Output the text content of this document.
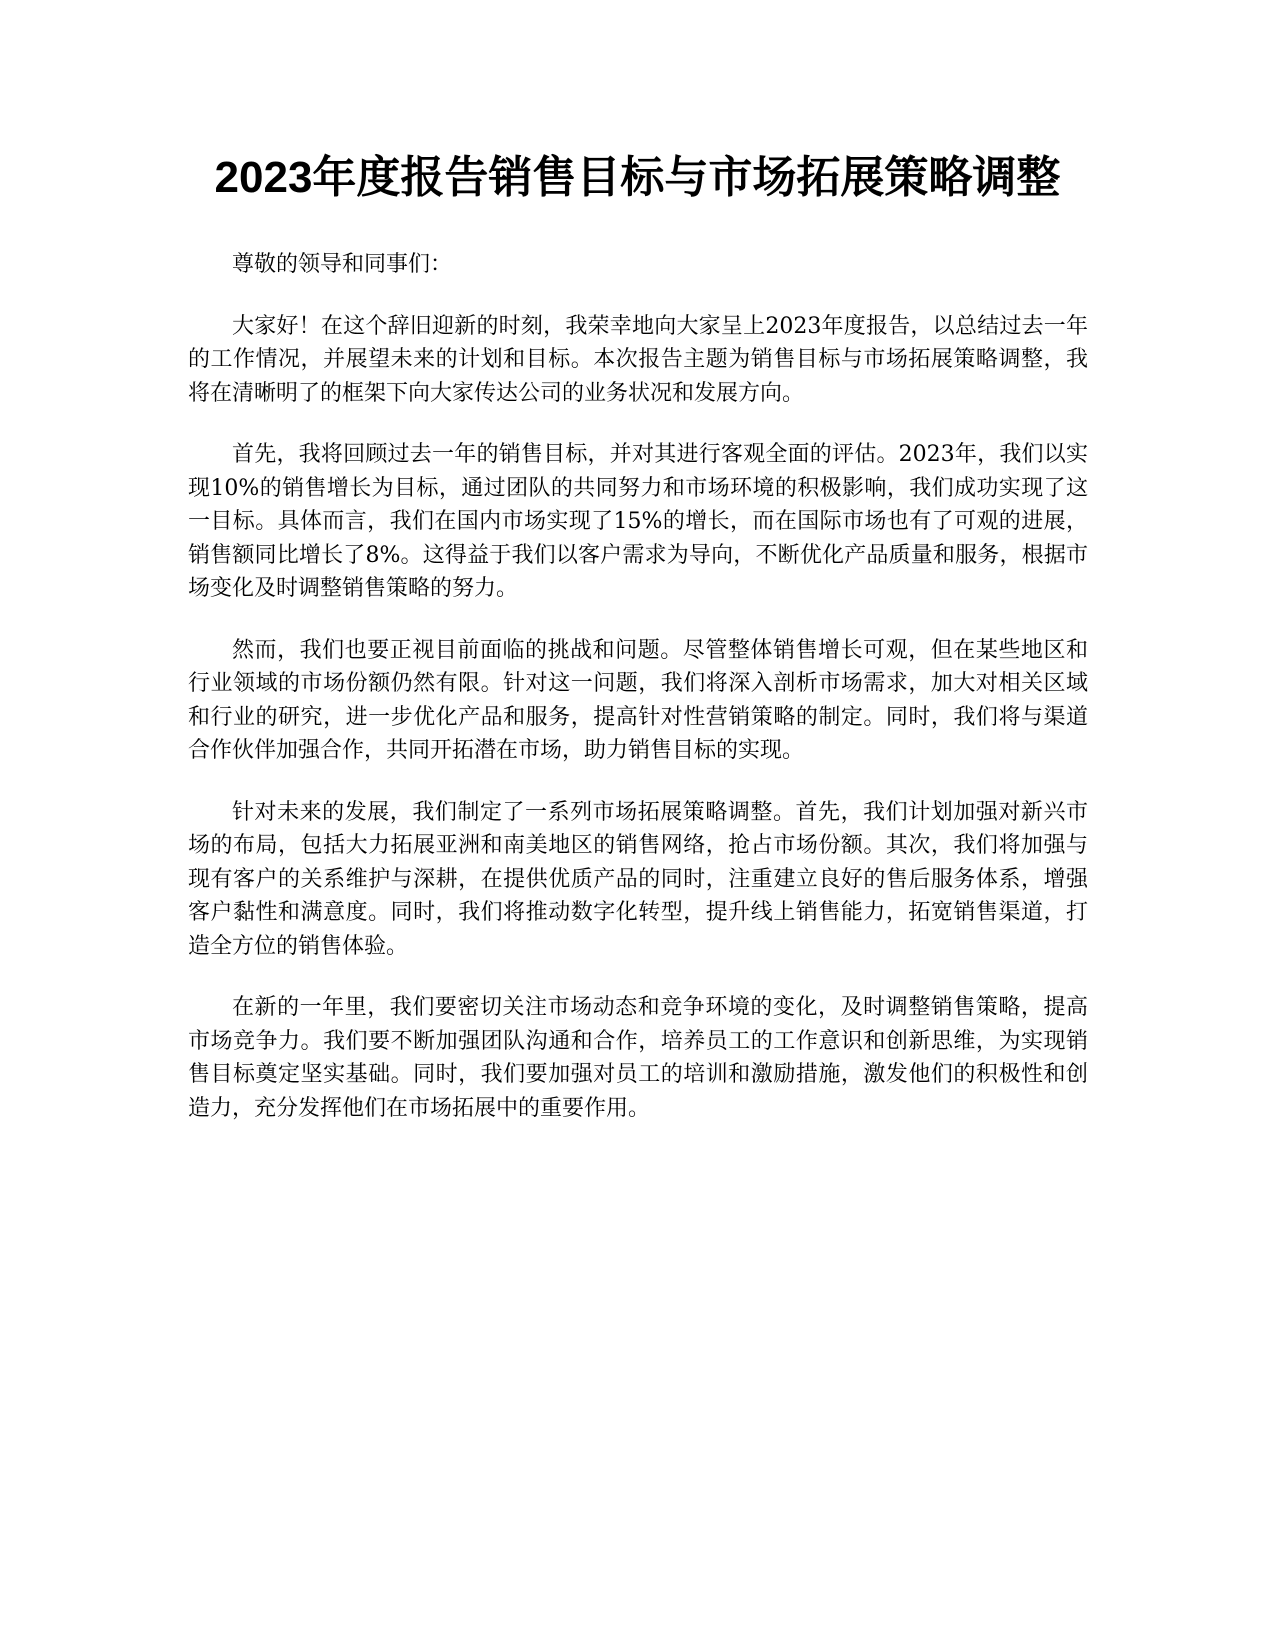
2023年度报告销售目标与市场拓展策略调整

尊敬的领导和同事们：

大家好！在这个辞旧迎新的时刻，我荣幸地向大家呈上2023年度报告，以总结过去一年的工作情况，并展望未来的计划和目标。本次报告主题为销售目标与市场拓展策略调整，我将在清晰明了的框架下向大家传达公司的业务状况和发展方向。

首先，我将回顾过去一年的销售目标，并对其进行客观全面的评估。2023年，我们以实现10%的销售增长为目标，通过团队的共同努力和市场环境的积极影响，我们成功实现了这一目标。具体而言，我们在国内市场实现了15%的增长，而在国际市场也有了可观的进展，销售额同比增长了8%。这得益于我们以客户需求为导向，不断优化产品质量和服务，根据市场变化及时调整销售策略的努力。

然而，我们也要正视目前面临的挑战和问题。尽管整体销售增长可观，但在某些地区和行业领域的市场份额仍然有限。针对这一问题，我们将深入剖析市场需求，加大对相关区域和行业的研究，进一步优化产品和服务，提高针对性营销策略的制定。同时，我们将与渠道合作伙伴加强合作，共同开拓潜在市场，助力销售目标的实现。

针对未来的发展，我们制定了一系列市场拓展策略调整。首先，我们计划加强对新兴市场的布局，包括大力拓展亚洲和南美地区的销售网络，抢占市场份额。其次，我们将加强与现有客户的关系维护与深耕，在提供优质产品的同时，注重建立良好的售后服务体系，增强客户黏性和满意度。同时，我们将推动数字化转型，提升线上销售能力，拓宽销售渠道，打造全方位的销售体验。

在新的一年里，我们要密切关注市场动态和竞争环境的变化，及时调整销售策略，提高市场竞争力。我们要不断加强团队沟通和合作，培养员工的工作意识和创新思维，为实现销售目标奠定坚实基础。同时，我们要加强对员工的培训和激励措施，激发他们的积极性和创造力，充分发挥他们在市场拓展中的重要作用。
